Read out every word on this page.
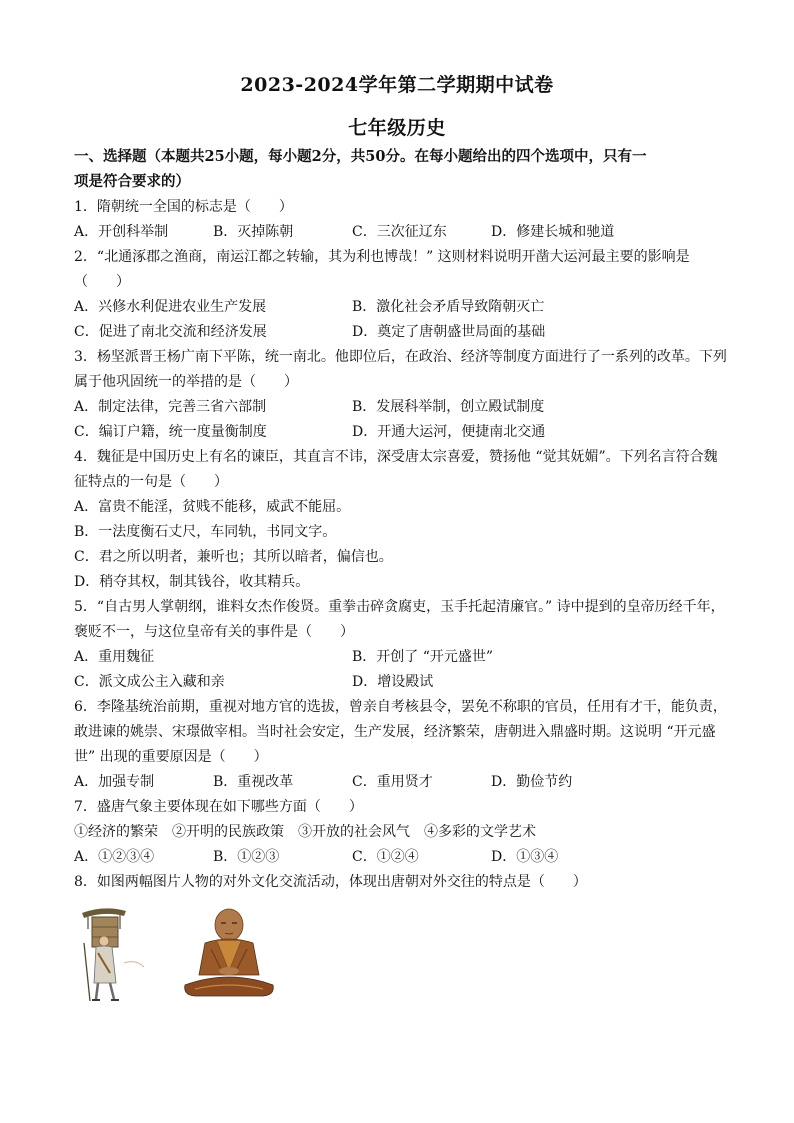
2023-2024学年第二学期期中试卷
七年级历史
一、选择题（本题共25小题，每小题2分，共50分。在每小题给出的四个选项中，只有一
项是符合要求的）
1．隋朝统一全国的标志是（　　）
A．开创科举制	B．灭掉陈朝	C．三次征辽东	D．修建长城和驰道
2．“北通涿郡之渔商，南运江都之转输，其为利也博哉！” 这则材料说明开凿大运河最主要的影响是
（　　）
A．兴修水利促进农业生产发展	B．激化社会矛盾导致隋朝灭亡
C．促进了南北交流和经济发展	D．奠定了唐朝盛世局面的基础
3．杨坚派晋王杨广南下平陈，统一南北。他即位后，在政治、经济等制度方面进行了一系列的改革。下列
属于他巩固统一的举措的是（　　）
A．制定法律，完善三省六部制	B．发展科举制，创立殿试制度
C．编订户籍，统一度量衡制度	D．开通大运河，便捷南北交通
4．魏征是中国历史上有名的谏臣，其直言不讳，深受唐太宗喜爱，赞扬他 “觉其妩媚”。下列名言符合魏
征特点的一句是（　　）
A．富贵不能淫，贫贱不能移，威武不能屈。
B．一法度衡石丈尺，车同轨，书同文字。
C．君之所以明者，兼听也；其所以暗者，偏信也。
D．稍夺其权，制其钱谷，收其精兵。
5．“自古男人掌朝纲，谁料女杰作俊贤。重拳击碎贪腐吏，玉手托起清廉官。” 诗中提到的皇帝历经千年，
褒贬不一，与这位皇帝有关的事件是（　　）
A．重用魏征	B．开创了 “开元盛世”
C．派文成公主入藏和亲	D．增设殿试
6．李隆基统治前期，重视对地方官的选拔，曾亲自考核县令，罢免不称职的官员，任用有才干，能负责，
敢进谏的姚崇、宋璟做宰相。当时社会安定，生产发展，经济繁荣，唐朝进入鼎盛时期。这说明 “开元盛
世” 出现的重要原因是（　　）
A．加强专制	B．重视改革	C．重用贤才	D．勤俭节约
7．盛唐气象主要体现在如下哪些方面（　　）
①经济的繁荣　②开明的民族政策　③开放的社会风气　④多彩的文学艺术
A．①②③④	B．①②③	C．①②④	D．①③④
8．如图两幅图片人物的对外文化交流活动，体现出唐朝对外交往的特点是（　　）
